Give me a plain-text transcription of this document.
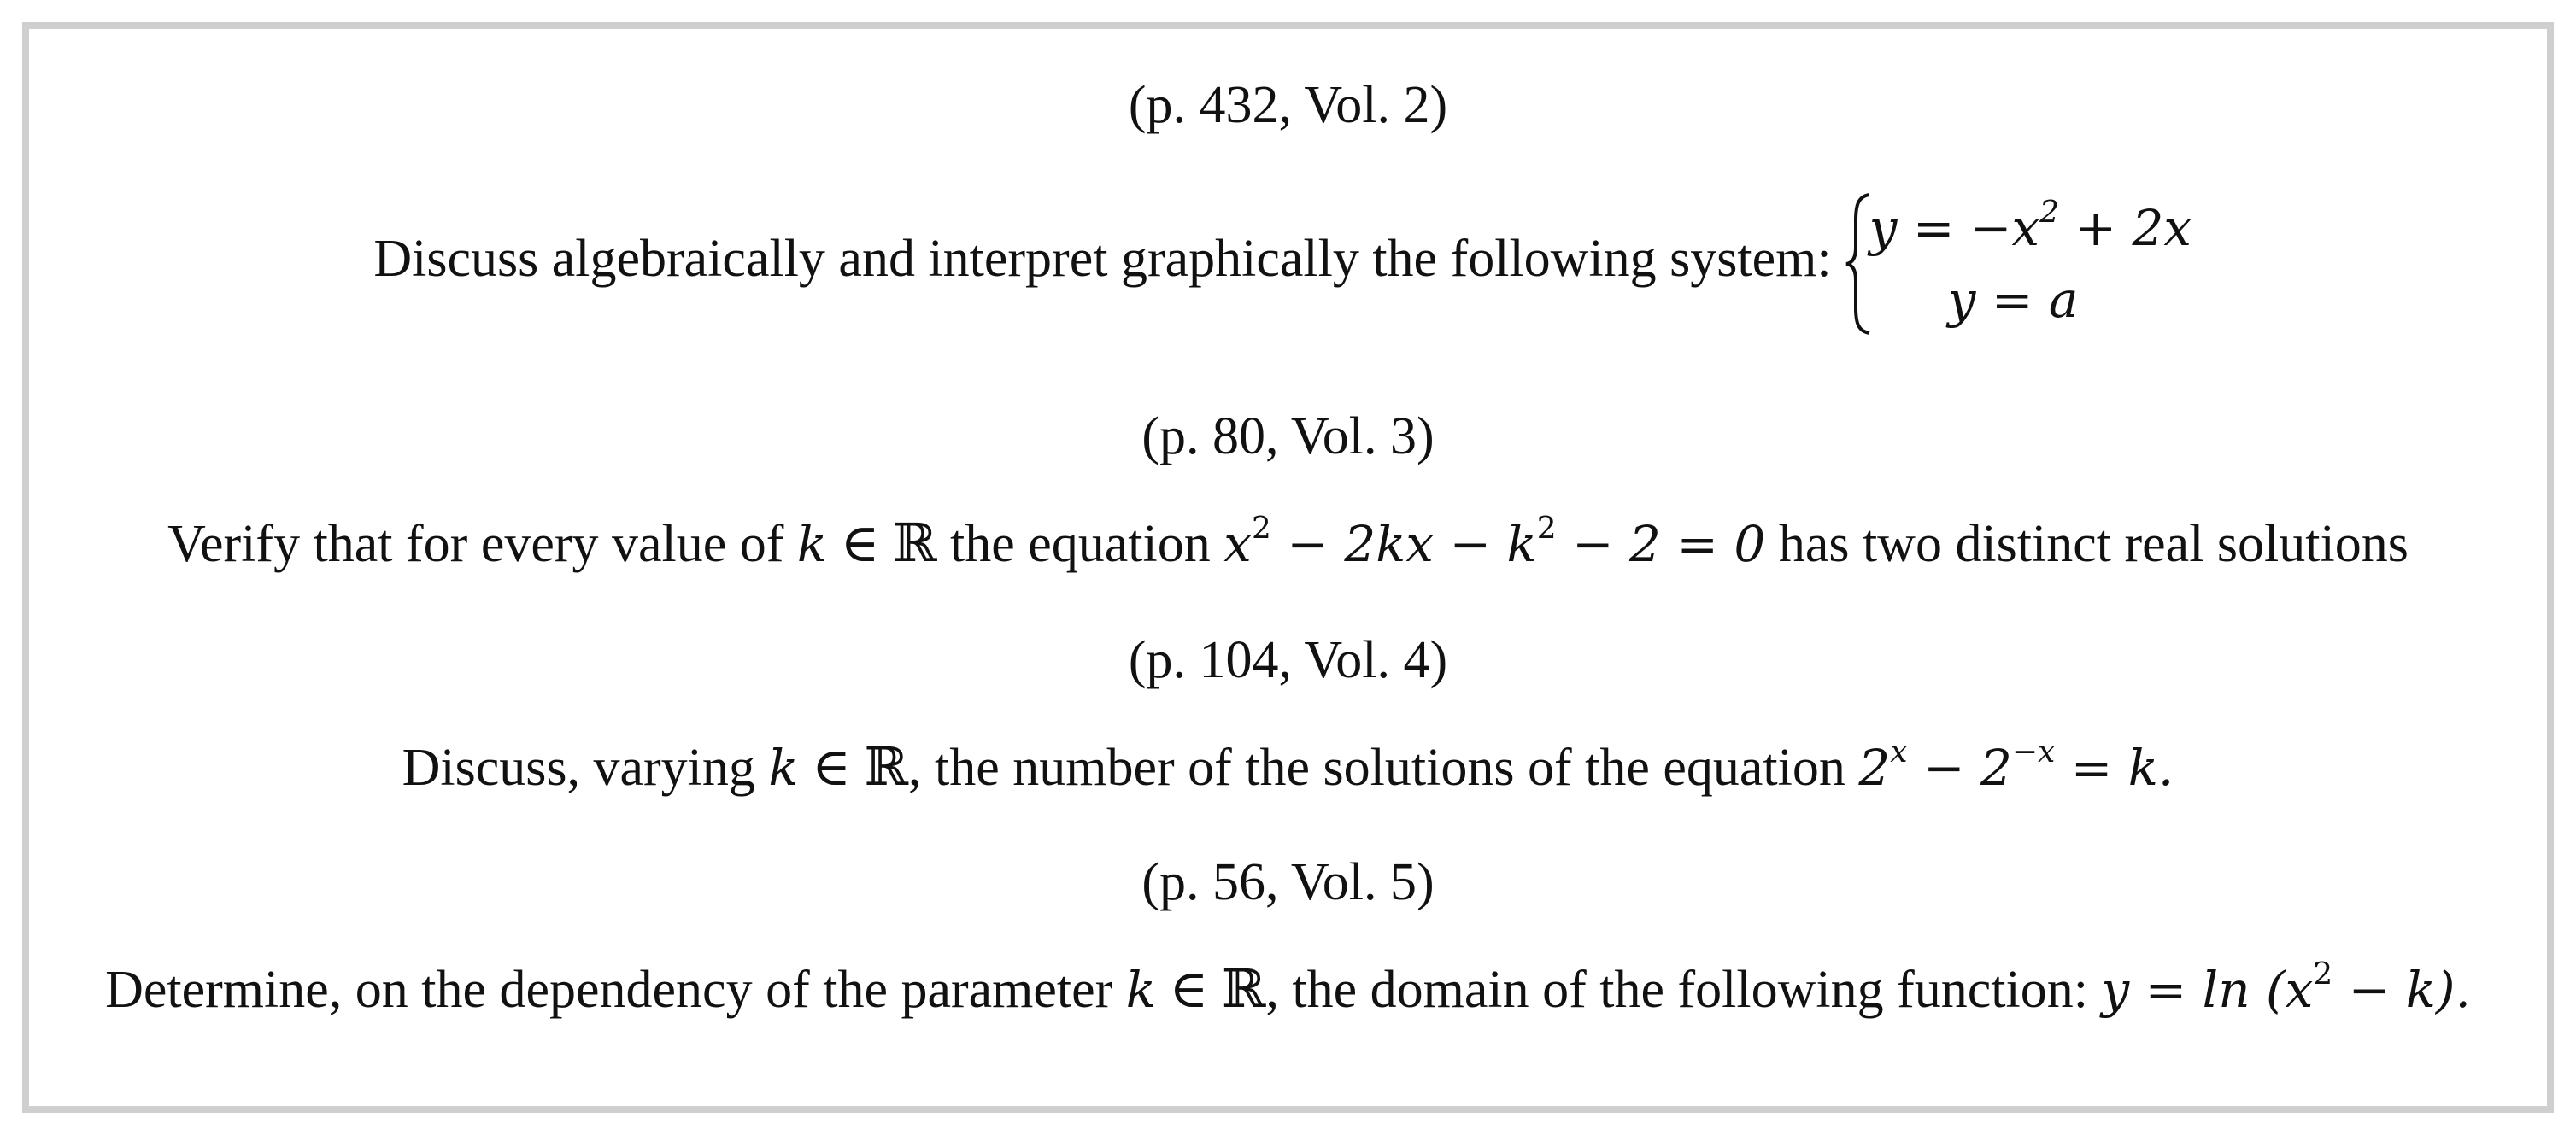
(p. 432, Vol. 2)
Discuss algebraically and interpret graphically the following system:
$y = -x^2 + 2x$
y = a
(p. 80, Vol. 3)
Verify that for every value of k ∈ ℝ the equation $x^2 - 2kx - k^2 - 2 = 0$ has two distinct real solutions
(p. 104, Vol. 4)
Discuss, varying k ∈ ℝ, the number of the solutions of the equation $2^x - 2^{-x} = k$.
(p. 56, Vol. 5)
Determine, on the dependency of the parameter k ∈ ℝ, the domain of the following function: $y = \ln (x^2 - k)$.
